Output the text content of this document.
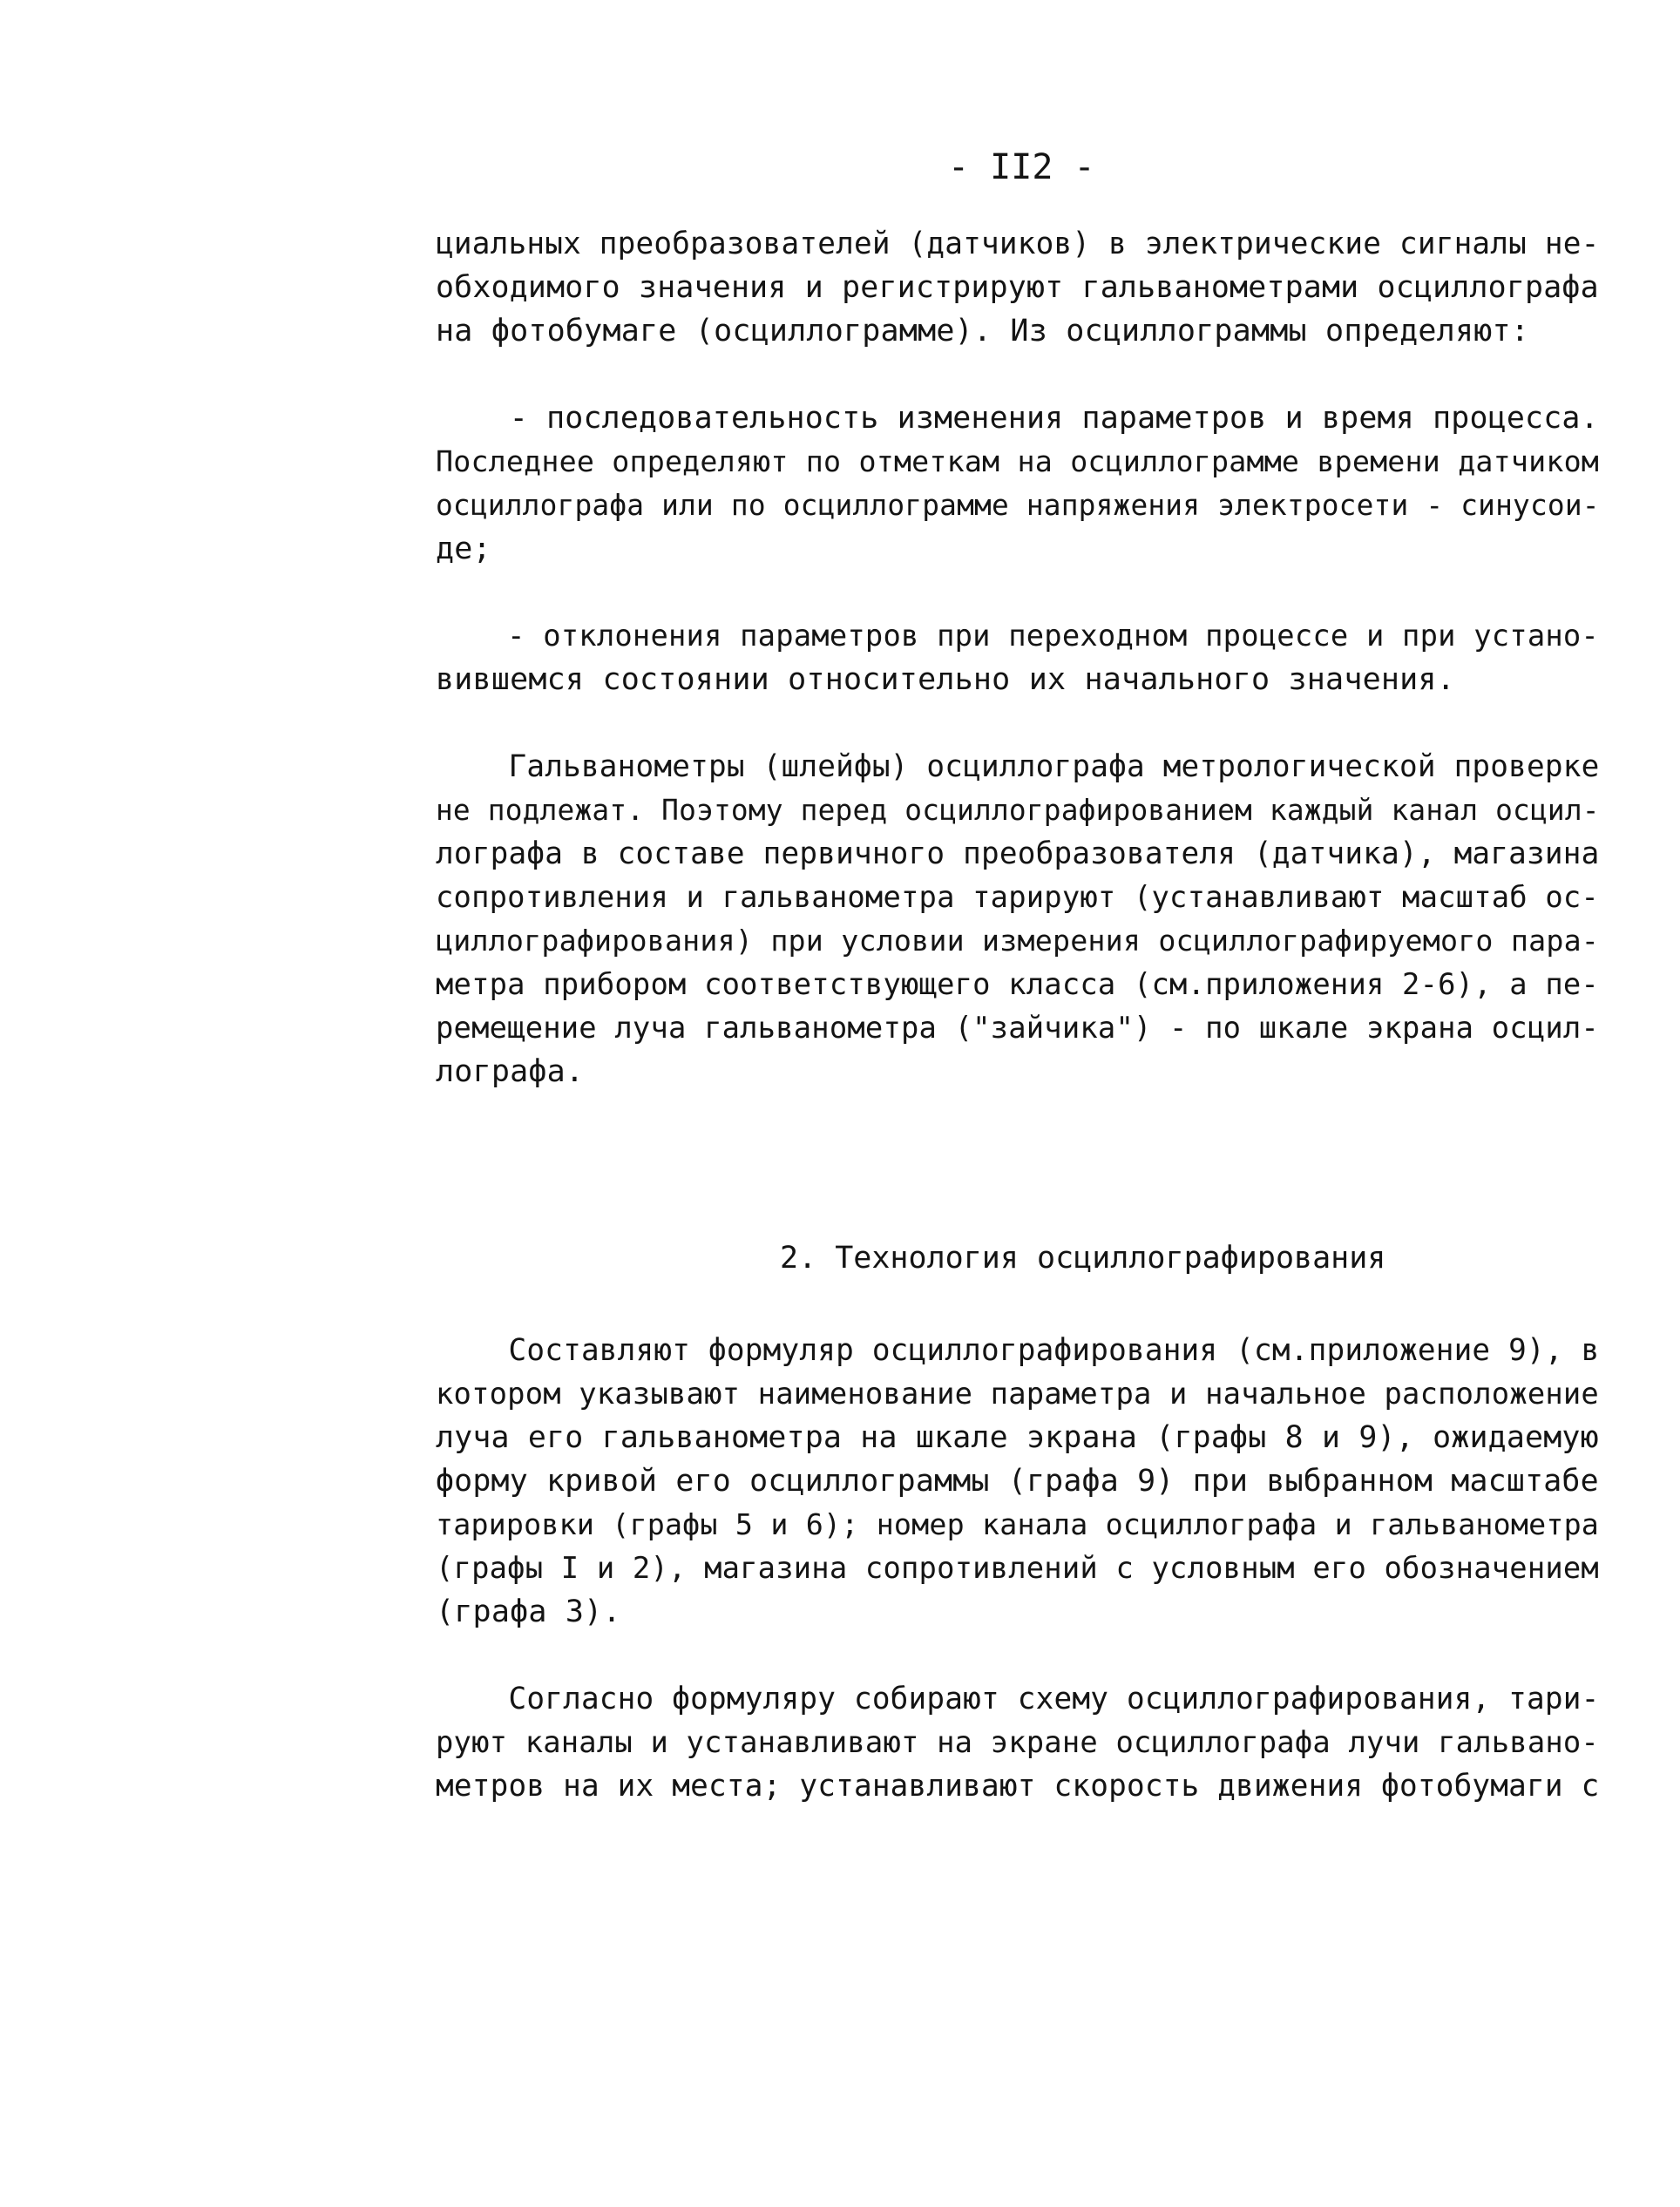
- II2 -
циальных преобразователей (датчиков) в электрические сигналы не-
обходимого значения и регистрируют гальванометрами осциллографа
на фотобумаге (осциллограмме). Из осциллограммы определяют:
- последовательность изменения параметров и время процесса.
Последнее определяют по отметкам на осциллограмме времени датчиком
осциллографа или по осциллограмме напряжения электросети - синусои-
де;
- отклонения параметров при переходном процессе и при устано-
вившемся состоянии относительно их начального значения.
Гальванометры (шлейфы) осциллографа метрологической проверке
не подлежат. Поэтому перед осциллографированием каждый канал осцил-
лографа в составе первичного преобразователя (датчика), магазина
сопротивления и гальванометра тарируют (устанавливают масштаб ос-
циллографирования) при условии измерения осциллографируемого пара-
метра прибором соответствующего класса (см.приложения 2-6), а пе-
ремещение луча гальванометра ("зайчика") - по шкале экрана осцил-
лографа.
2. Технология осциллографирования
Составляют формуляр осциллографирования (см.приложение 9), в
котором указывают наименование параметра и начальное расположение
луча его гальванометра на шкале экрана (графы 8 и 9), ожидаемую
форму кривой его осциллограммы (графа 9) при выбранном масштабе
тарировки (графы 5 и 6); номер канала осциллографа и гальванометра
(графы I и 2), магазина сопротивлений с условным его обозначением
(графа 3).
Согласно формуляру собирают схему осциллографирования, тари-
руют каналы и устанавливают на экране осциллографа лучи гальвано-
метров на их места; устанавливают скорость движения фотобумаги с
